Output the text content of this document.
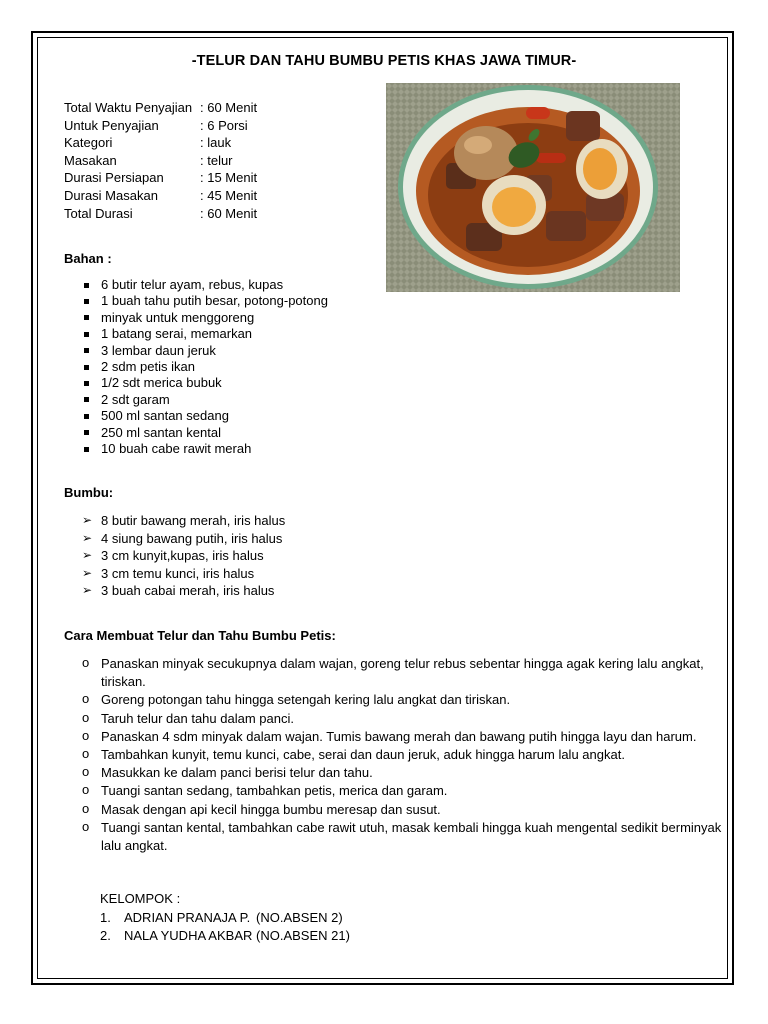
-TELUR DAN TAHU BUMBU PETIS KHAS JAWA TIMUR-
Total Waktu Penyajian : 60 Menit
Untuk Penyajian	: 6 Porsi
Kategori	: lauk
Masakan	: telur
Durasi Persiapan	: 15 Menit
Durasi Masakan	: 45 Menit
Total Durasi	: 60 Menit
Bahan :
6 butir telur ayam, rebus, kupas
1 buah tahu putih besar, potong-potong
minyak untuk menggoreng
1 batang serai, memarkan
3 lembar daun jeruk
2 sdm petis ikan
1/2 sdt merica bubuk
2 sdt garam
500 ml santan sedang
250 ml santan kental
10 buah cabe rawit merah
Bumbu:
➢ 8 butir bawang merah, iris halus
➢ 4 siung bawang putih, iris halus
➢ 3 cm kunyit,kupas, iris halus
➢ 3 cm temu kunci, iris halus
➢ 3 buah cabai merah, iris halus
Cara Membuat Telur dan Tahu Bumbu Petis:
o Panaskan minyak secukupnya dalam wajan, goreng telur rebus sebentar hingga agak kering lalu angkat, tiriskan.
o Goreng potongan tahu hingga setengah kering lalu angkat dan tiriskan.
o Taruh telur dan tahu dalam panci.
o Panaskan 4 sdm minyak dalam wajan. Tumis bawang merah dan bawang putih hingga layu dan harum.
o Tambahkan kunyit, temu kunci, cabe, serai dan daun jeruk, aduk hingga harum lalu angkat.
o Masukkan ke dalam panci berisi telur dan tahu.
o Tuangi santan sedang, tambahkan petis, merica dan garam.
o Masak dengan api kecil hingga bumbu meresap dan susut.
o Tuangi santan kental, tambahkan cabe rawit utuh, masak kembali hingga kuah mengental sedikit berminyak lalu angkat.
KELOMPOK :
1.	ADRIAN PRANAJA P. (NO.ABSEN 2)
2.	NALA YUDHA AKBAR (NO.ABSEN 21)
